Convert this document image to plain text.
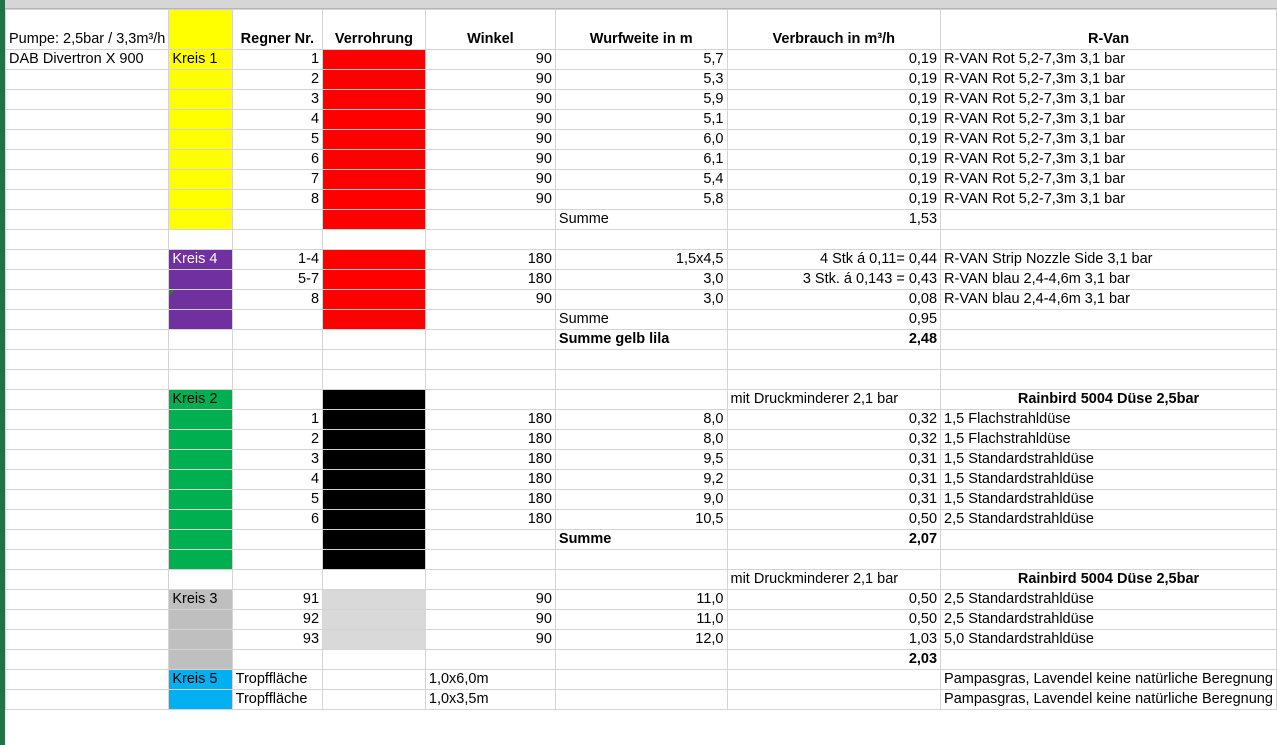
Pumpe: 2,5bar / 3,3m³/h		Regner Nr.	Verrohrung	Winkel	Wurfweite in m	Verbrauch in m³/h	R-Van

DAB Divertron X 900	Kreis 1	1		90	5,7	0,19	R-VAN Rot 5,2-7,3m 3,1 bar
		2		90	5,3	0,19	R-VAN Rot 5,2-7,3m 3,1 bar
		3		90	5,9	0,19	R-VAN Rot 5,2-7,3m 3,1 bar
		4		90	5,1	0,19	R-VAN Rot 5,2-7,3m 3,1 bar
		5		90	6,0	0,19	R-VAN Rot 5,2-7,3m 3,1 bar
		6		90	6,1	0,19	R-VAN Rot 5,2-7,3m 3,1 bar
		7		90	5,4	0,19	R-VAN Rot 5,2-7,3m 3,1 bar
		8		90	5,8	0,19	R-VAN Rot 5,2-7,3m 3,1 bar
					Summe	1,53	

	Kreis 4	1-4		180	1,5x4,5	4 Stk á 0,11= 0,44	R-VAN Strip Nozzle Side 3,1 bar
		5-7		180	3,0	3 Stk. á 0,143 = 0,43	R-VAN blau 2,4-4,6m 3,1 bar
		8		90	3,0	0,08	R-VAN blau 2,4-4,6m 3,1 bar
					Summe	0,95	
					Summe gelb lila	2,48	

	Kreis 2					mit Druckminderer 2,1 bar	Rainbird 5004 Düse 2,5bar
		1		180	8,0	0,32	1,5 Flachstrahldüse
		2		180	8,0	0,32	1,5 Flachstrahldüse
		3		180	9,5	0,31	1,5 Standardstrahldüse
		4		180	9,2	0,31	1,5 Standardstrahldüse
		5		180	9,0	0,31	1,5 Standardstrahldüse
		6		180	10,5	0,50	2,5 Standardstrahldüse
					Summe	2,07	

						mit Druckminderer 2,1 bar	Rainbird 5004 Düse 2,5bar
	Kreis 3	91		90	11,0	0,50	2,5 Standardstrahldüse
		92		90	11,0	0,50	2,5 Standardstrahldüse
		93		90	12,0	1,03	5,0 Standardstrahldüse
						2,03	
	Kreis 5	Tropffläche		1,0x6,0m			Pampasgras, Lavendel keine natürliche Beregnung
		Tropffläche		1,0x3,5m			Pampasgras, Lavendel keine natürliche Beregnung
